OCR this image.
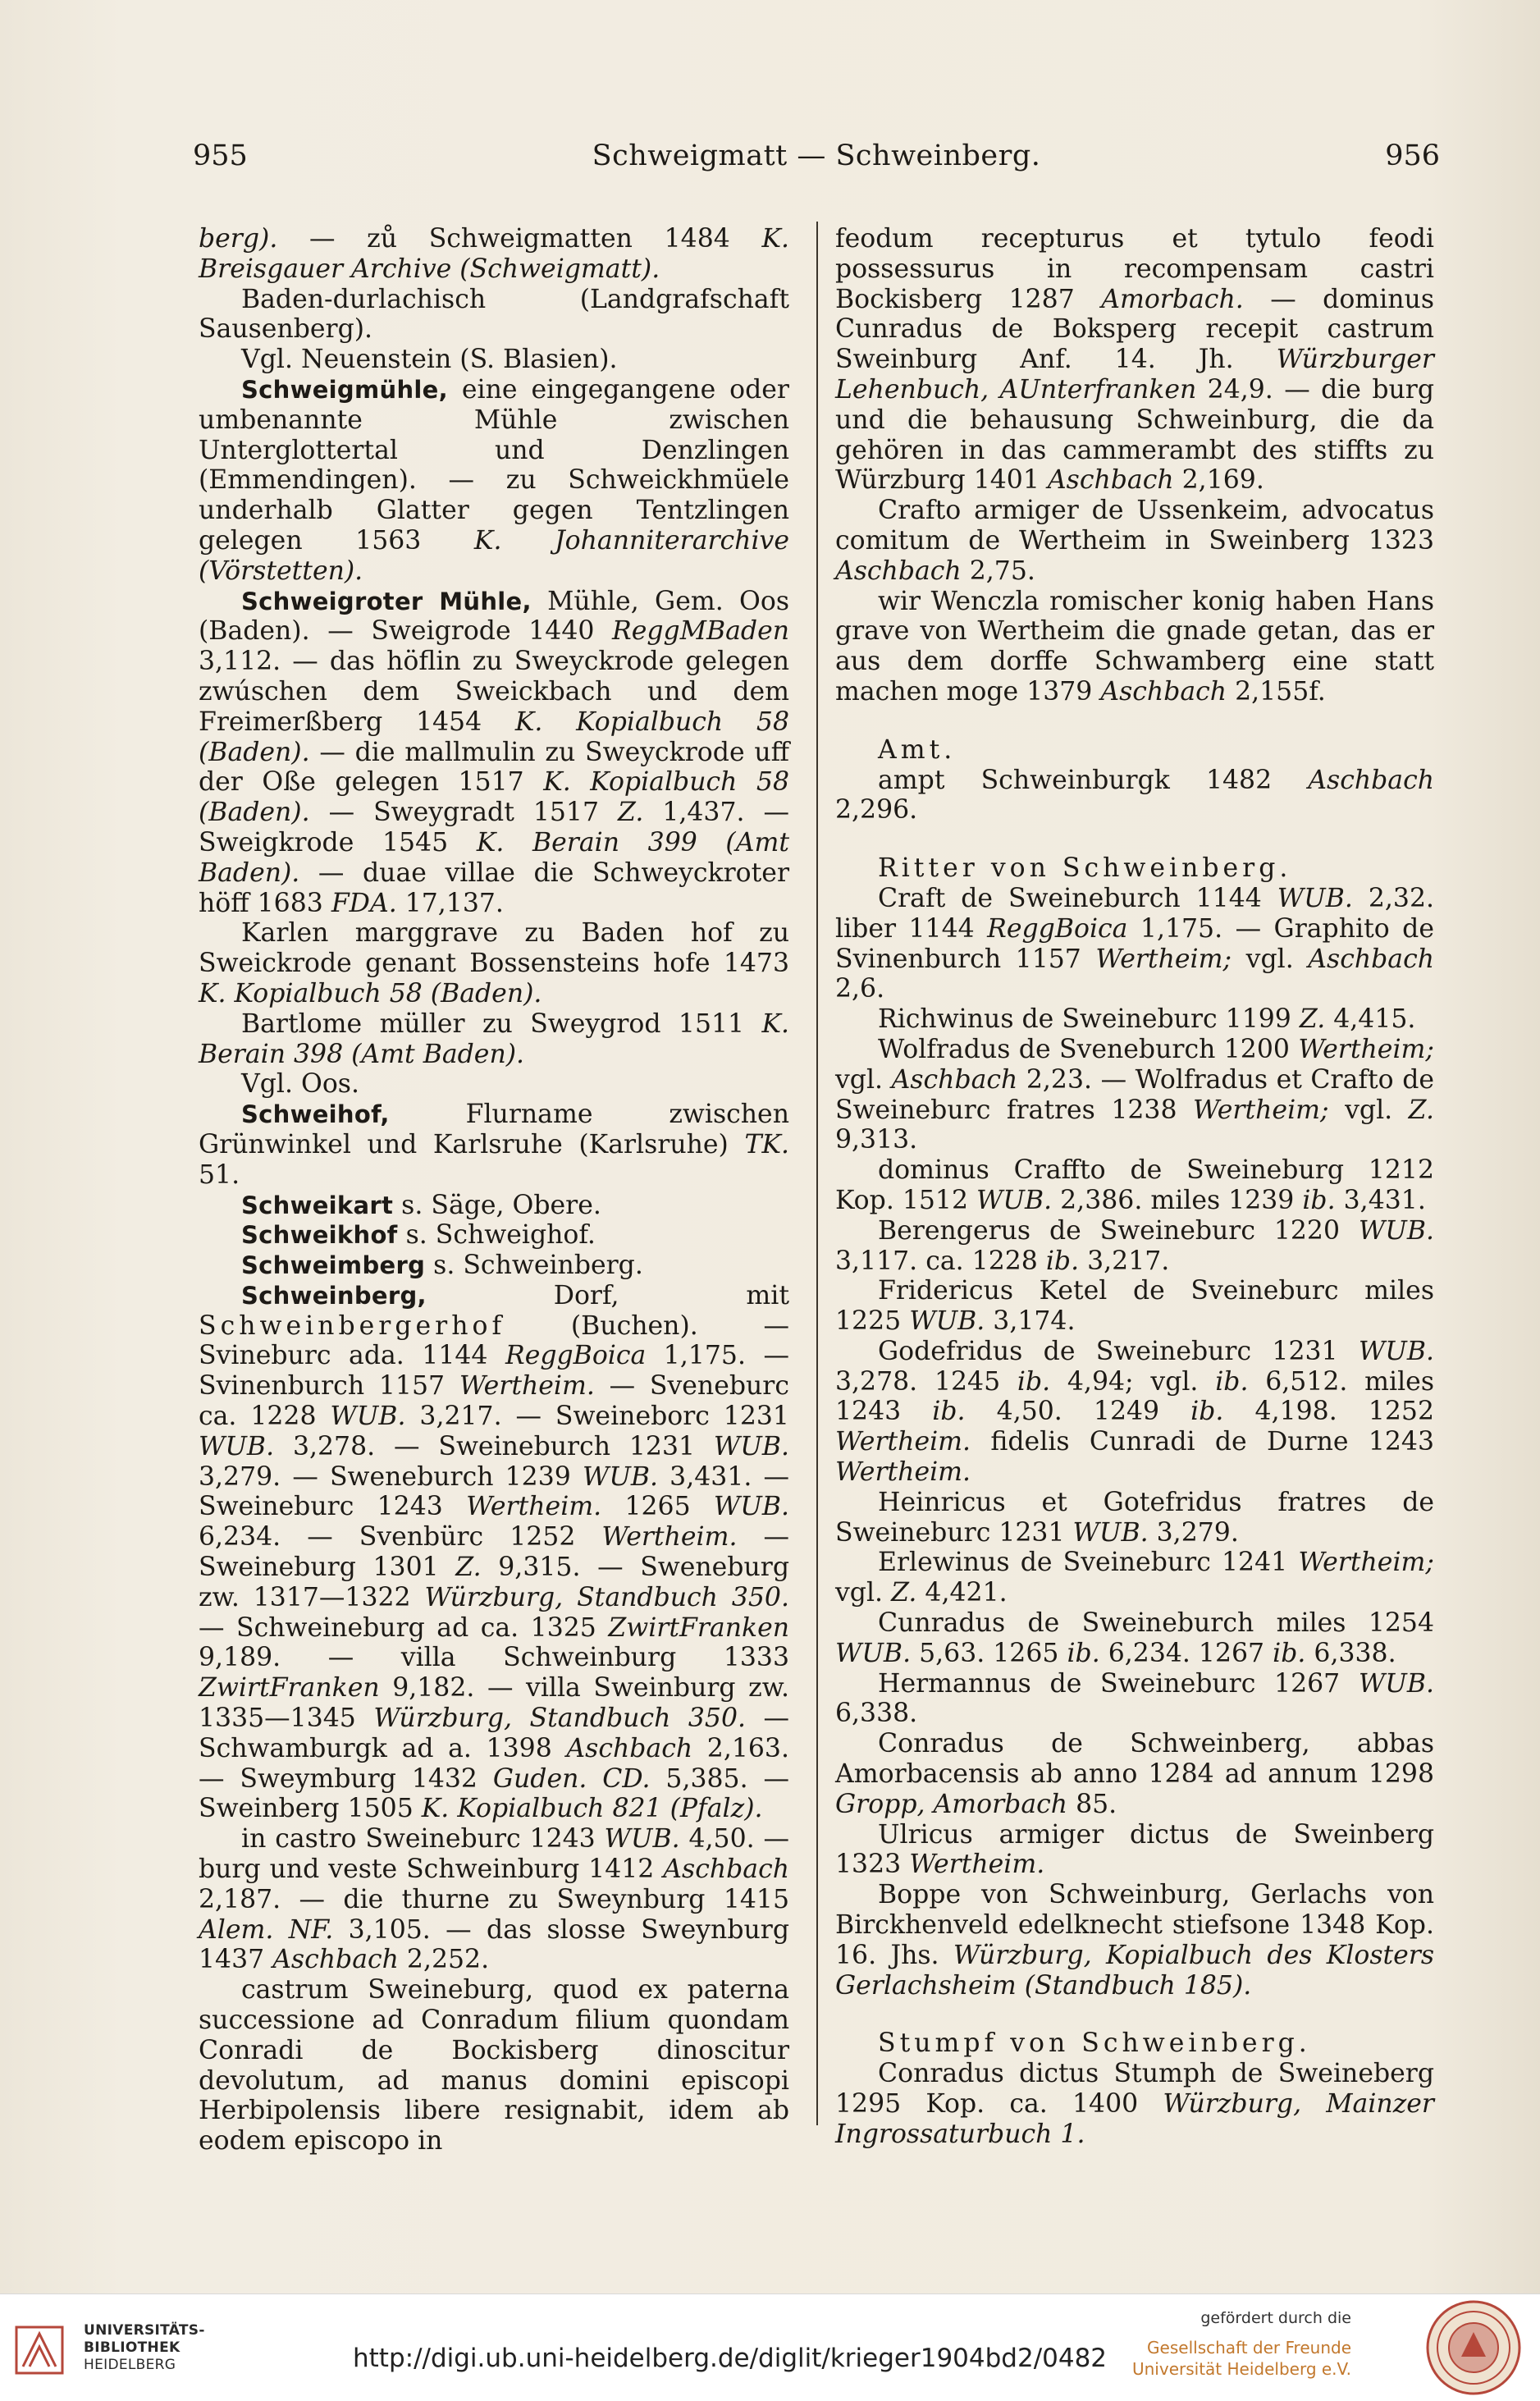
955	Schweigmatt — Schweinberg.	956

berg). — zů Schweigmatten 1484 K. Breisgauer Archive (Schweigmatt).

Baden-durlachisch (Landgrafschaft Sausenberg).

Vgl. Neuenstein (S. Blasien).

Schweigmühle, eine eingegangene oder umbenannte Mühle zwischen Unterglottertal und Denzlingen (Emmendingen). — zu Schweickhmüele underhalb Glatter gegen Tentzlingen gelegen 1563 K. Johanniterarchive (Vörstetten).

Schweigroter Mühle, Mühle, Gem. Oos (Baden). — Sweigrode 1440 ReggMBaden 3,112. — das höflin zu Sweyckrode gelegen zwúschen dem Sweickbach und dem Freimerßberg 1454 K. Kopialbuch 58 (Baden). — die mallmulin zu Sweyckrode uff der Oße gelegen 1517 K. Kopialbuch 58 (Baden). — Sweygradt 1517 Z. 1,437. — Sweigkrode 1545 K. Berain 399 (Amt Baden). — duae villae die Schweyckroter höff 1683 FDA. 17,137.

Karlen marggrave zu Baden hof zu Sweickrode genant Bossensteins hofe 1473 K. Kopialbuch 58 (Baden).

Bartlome müller zu Sweygrod 1511 K. Berain 398 (Amt Baden).

Vgl. Oos.

Schweihof, Flurname zwischen Grünwinkel und Karlsruhe (Karlsruhe) TK. 51.

Schweikart s. Säge, Obere.

Schweikhof s. Schweighof.

Schweimberg s. Schweinberg.

Schweinberg, Dorf, mit Schweinbergerhof (Buchen). — Svineburc ada. 1144 ReggBoica 1,175. — Svinenburch 1157 Wertheim. — Sveneburc ca. 1228 WUB. 3,217. — Sweineborc 1231 WUB. 3,278. — Sweineburch 1231 WUB. 3,279. — Sweneburch 1239 WUB. 3,431. — Sweineburc 1243 Wertheim. 1265 WUB. 6,234. — Svenbürc 1252 Wertheim. — Sweineburg 1301 Z. 9,315. — Sweneburg zw. 1317—1322 Würzburg, Standbuch 350. — Schweineburg ad ca. 1325 ZwirtFranken 9,189. — villa Schweinburg 1333 ZwirtFranken 9,182. — villa Sweinburg zw. 1335—1345 Würzburg, Standbuch 350. — Schwamburgk ad a. 1398 Aschbach 2,163. — Sweymburg 1432 Guden. CD. 5,385. — Sweinberg 1505 K. Kopialbuch 821 (Pfalz).

in castro Sweineburc 1243 WUB. 4,50. — burg und veste Schweinburg 1412 Aschbach 2,187. — die thurne zu Sweynburg 1415 Alem. NF. 3,105. — das slosse Sweynburg 1437 Aschbach 2,252.

castrum Sweineburg, quod ex paterna successione ad Conradum filium quondam Conradi de Bockisberg dinoscitur devolutum, ad manus domini episcopi Herbipolensis libere resignabit, idem ab eodem episcopo in

feodum recepturus et tytulo feodi possessurus in recompensam castri Bockisberg 1287 Amorbach. — dominus Cunradus de Boksperg recepit castrum Sweinburg Anf. 14. Jh. Würzburger Lehenbuch, AUnterfranken 24,9. — die burg und die behausung Schweinburg, die da gehören in das cammerambt des stiffts zu Würzburg 1401 Aschbach 2,169.

Crafto armiger de Ussenkeim, advocatus comitum de Wertheim in Sweinberg 1323 Aschbach 2,75.

wir Wenczla romischer konig haben Hans grave von Wertheim die gnade getan, das er aus dem dorffe Schwamberg eine statt machen moge 1379 Aschbach 2,155f.

Amt.

ampt Schweinburgk 1482 Aschbach 2,296.

Ritter von Schweinberg.

Craft de Sweineburch 1144 WUB. 2,32. liber 1144 ReggBoica 1,175. — Graphito de Svinenburch 1157 Wertheim; vgl. Aschbach 2,6.

Richwinus de Sweineburc 1199 Z. 4,415.

Wolfradus de Sveneburch 1200 Wertheim; vgl. Aschbach 2,23. — Wolfradus et Crafto de Sweineburc fratres 1238 Wertheim; vgl. Z. 9,313.

dominus Craffto de Sweineburg 1212 Kop. 1512 WUB. 2,386. miles 1239 ib. 3,431.

Berengerus de Sweineburc 1220 WUB. 3,117. ca. 1228 ib. 3,217.

Fridericus Ketel de Sveineburc miles 1225 WUB. 3,174.

Godefridus de Sweineburc 1231 WUB. 3,278. 1245 ib. 4,94; vgl. ib. 6,512. miles 1243 ib. 4,50. 1249 ib. 4,198. 1252 Wertheim. fidelis Cunradi de Durne 1243 Wertheim.

Heinricus et Gotefridus fratres de Sweineburc 1231 WUB. 3,279.

Erlewinus de Sveineburc 1241 Wertheim; vgl. Z. 4,421.

Cunradus de Sweineburch miles 1254 WUB. 5,63. 1265 ib. 6,234. 1267 ib. 6,338.

Hermannus de Sweineburc 1267 WUB. 6,338.

Conradus de Schweinberg, abbas Amorbacensis ab anno 1284 ad annum 1298 Gropp, Amorbach 85.

Ulricus armiger dictus de Sweinberg 1323 Wertheim.

Boppe von Schweinburg, Gerlachs von Birckhenveld edelknecht stiefsone 1348 Kop. 16. Jhs. Würzburg, Kopialbuch des Klosters Gerlachsheim (Standbuch 185).

Stumpf von Schweinberg.

Conradus dictus Stumph de Sweineberg 1295 Kop. ca. 1400 Würzburg, Mainzer Ingrossaturbuch 1.

UNIVERSITÄTS-
BIBLIOTHEK
HEIDELBERG	http://digi.ub.uni-heidelberg.de/diglit/krieger1904bd2/0482
gefördert durch die
Gesellschaft der Freunde
Universität Heidelberg e.V.
